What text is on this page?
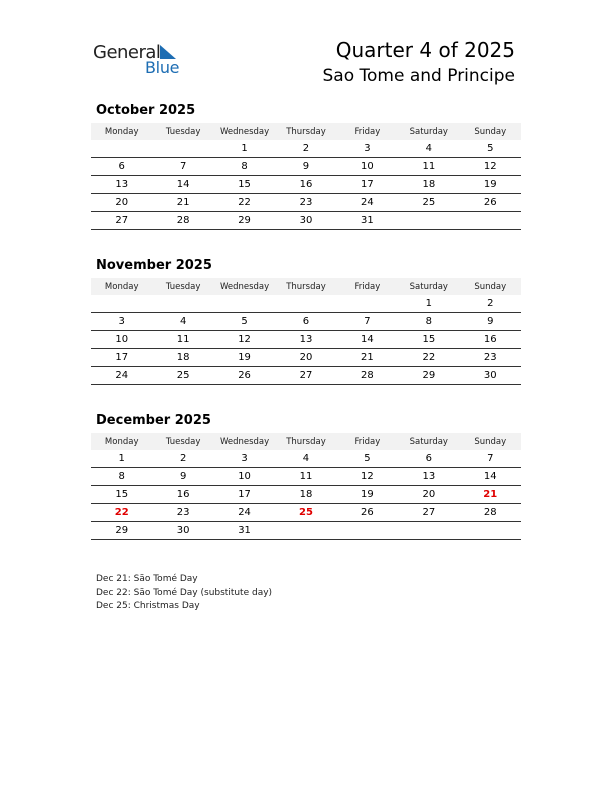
General
Blue
Quarter 4 of 2025
Sao Tome and Principe
October 2025
Monday	Tuesday	Wednesday	Thursday	Friday	Saturday	Sunday
		1	2	3	4	5
6	7	8	9	10	11	12
13	14	15	16	17	18	19
20	21	22	23	24	25	26
27	28	29	30	31		
November 2025
Monday	Tuesday	Wednesday	Thursday	Friday	Saturday	Sunday
					1	2
3	4	5	6	7	8	9
10	11	12	13	14	15	16
17	18	19	20	21	22	23
24	25	26	27	28	29	30
December 2025
Monday	Tuesday	Wednesday	Thursday	Friday	Saturday	Sunday
1	2	3	4	5	6	7
8	9	10	11	12	13	14
15	16	17	18	19	20	21
22	23	24	25	26	27	28
29	30	31				
Dec 21: São Tomé Day
Dec 22: São Tomé Day (substitute day)
Dec 25: Christmas Day
